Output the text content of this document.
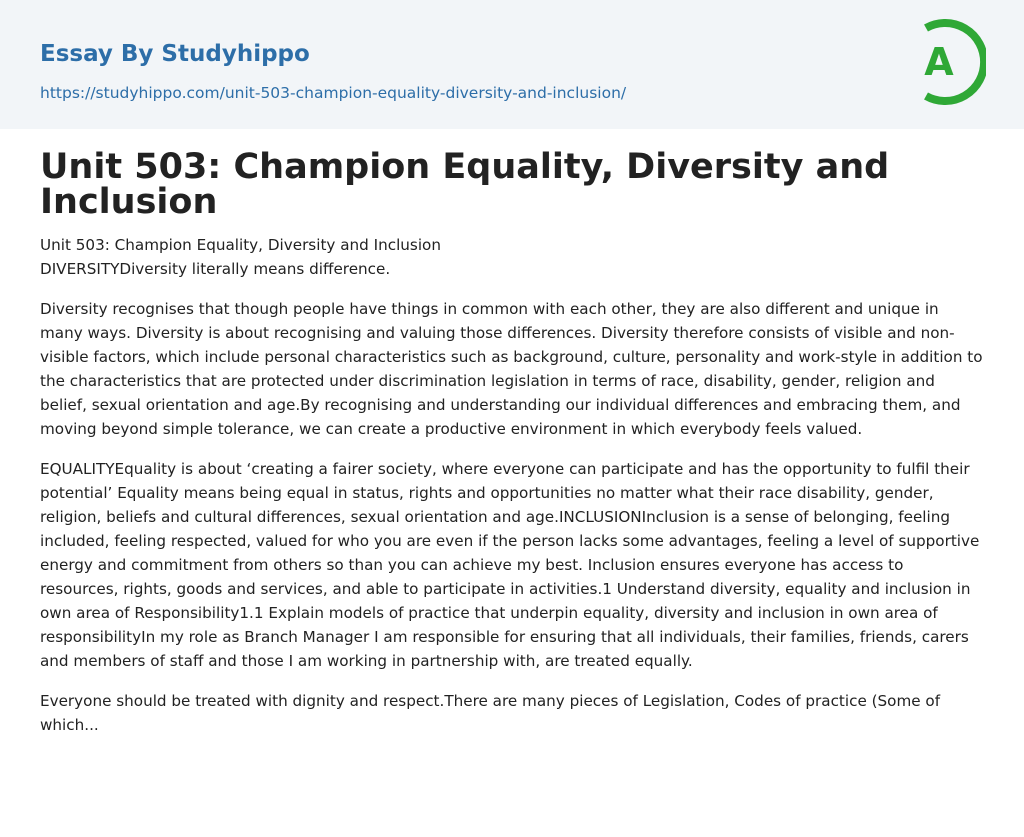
Essay By Studyhippo
https://studyhippo.com/unit-503-champion-equality-diversity-and-inclusion/
A
Unit 503: Champion Equality, Diversity and Inclusion

Unit 503: Champion Equality, Diversity and Inclusion

DIVERSITYDiversity literally means difference.

Diversity recognises that though people have things in common with each other, they are also different and unique in many ways. Diversity is about recognising and valuing those differences. Diversity therefore consists of visible and non-visible factors, which include personal characteristics such as background, culture, personality and work-style in addition to the characteristics that are protected under discrimination legislation in terms of race, disability, gender, religion and belief, sexual orientation and age.By recognising and understanding our individual differences and embracing them, and moving beyond simple tolerance, we can create a productive environment in which everybody feels valued.

EQUALITYEquality is about ‘creating a fairer society, where everyone can participate and has the opportunity to fulfil their potential’ Equality means being equal in status, rights and opportunities no matter what their race disability, gender, religion, beliefs and cultural differences, sexual orientation and age.INCLUSIONInclusion is a sense of belonging, feeling included, feeling respected, valued for who you are even if the person lacks some advantages, feeling a level of supportive energy and commitment from others so than you can achieve my best. Inclusion ensures everyone has access to resources, rights, goods and services, and able to participate in activities.1 Understand diversity, equality and inclusion in own area of Responsibility1.1 Explain models of practice that underpin equality, diversity and inclusion in own area of responsibilityIn my role as Branch Manager I am responsible for ensuring that all individuals, their families, friends, carers and members of staff and those I am working in partnership with, are treated equally.

Everyone should be treated with dignity and respect.There are many pieces of Legislation, Codes of practice (Some of which...
